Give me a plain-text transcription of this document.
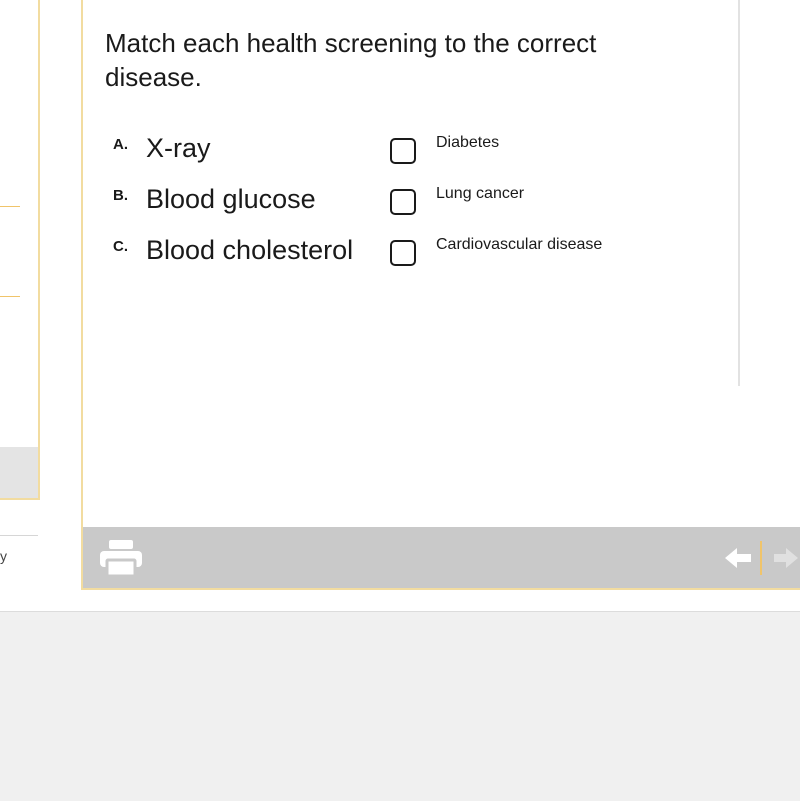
y
Match each health screening to the correct disease.
A. X-ray	Diabetes
B. Blood glucose	Lung cancer
C. Blood cholesterol	Cardiovascular disease
